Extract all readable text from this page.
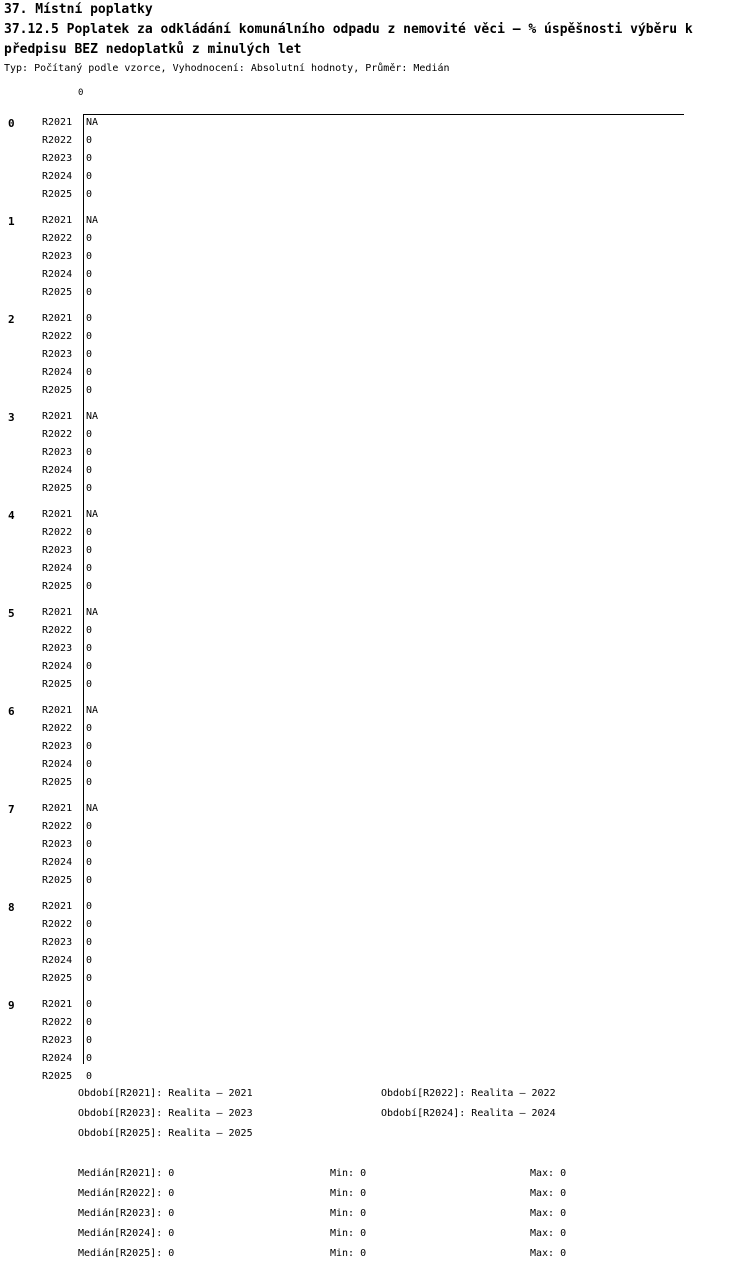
37. Místní poplatky
37.12.5 Poplatek za odkládání komunálního odpadu z nemovité věci – % úspěšnosti výběru k předpisu BEZ nedoplatků z minulých let
Typ: Počítaný podle vzorce, Vyhodnocení: Absolutní hodnoty, Průměr: Medián
0
0	R2021	NA
R2022	0
R2023	0
R2024	0
R2025	0
1	R2021	NA
R2022	0
R2023	0
R2024	0
R2025	0
2	R2021	0
R2022	0
R2023	0
R2024	0
R2025	0
3	R2021	NA
R2022	0
R2023	0
R2024	0
R2025	0
4	R2021	NA
R2022	0
R2023	0
R2024	0
R2025	0
5	R2021	NA
R2022	0
R2023	0
R2024	0
R2025	0
6	R2021	NA
R2022	0
R2023	0
R2024	0
R2025	0
7	R2021	NA
R2022	0
R2023	0
R2024	0
R2025	0
8	R2021	0
R2022	0
R2023	0
R2024	0
R2025	0
9	R2021	0
R2022	0
R2023	0
R2024	0
R2025	0
Období[R2021]: Realita – 2021	Období[R2022]: Realita – 2022
Období[R2023]: Realita – 2023	Období[R2024]: Realita – 2024
Období[R2025]: Realita – 2025
Medián[R2021]: 0	Min: 0	Max: 0
Medián[R2022]: 0	Min: 0	Max: 0
Medián[R2023]: 0	Min: 0	Max: 0
Medián[R2024]: 0	Min: 0	Max: 0
Medián[R2025]: 0	Min: 0	Max: 0
